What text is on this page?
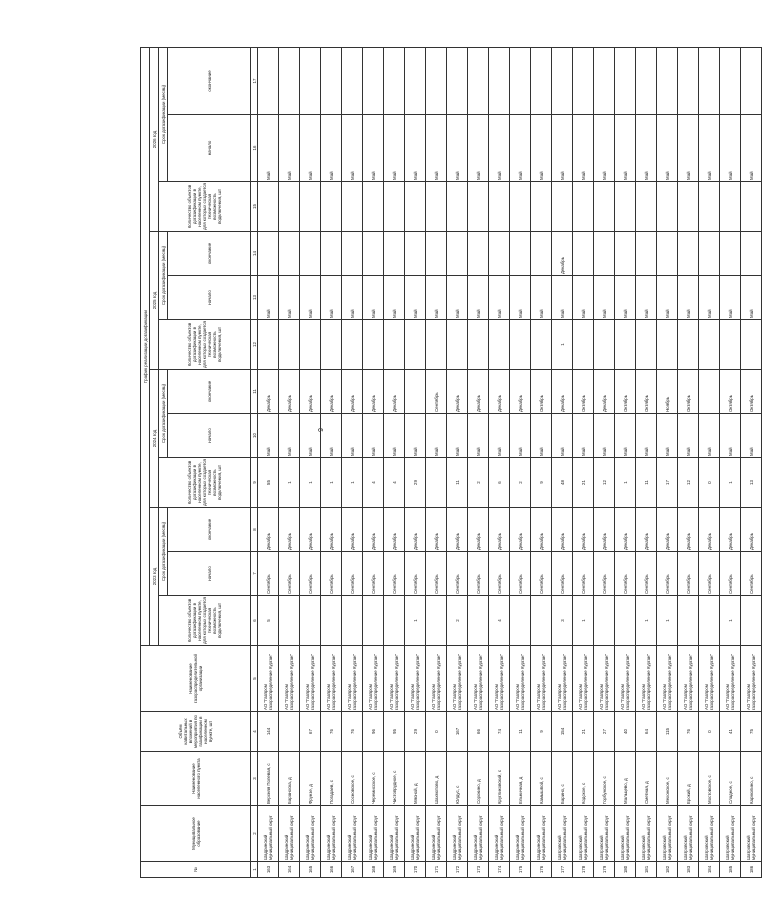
6
№	Муниципальное образование	Наименование населенного пункта	Объём капитальных вложений в мероприятия по газификации в населенном пункте, шт	Наименование газораспределительной организации	График реализации догазификации											
					2023 год			2024 год			2025 год			2026 год		
					Количество объектов догазификации в населенном пункте, для которых создается техническая возможность подключения, шт	Срок догазификации (месяц)		Количество объектов догазификации в населенном пункте, для которых создается техническая возможность подключения, шт	Срок догазификации (месяц)		Количество объектов догазификации в населенном пункте, для которых создается техническая возможность подключения, шт	Срок догазификации (месяц)		Количество объектов догазификации в населенном пункте, для которых создается техническая возможность подключения, шт	Срок догазификации (месяц)	
						начало	окончание		начало	окончание		начало	окончание		начало	окончание
1	2	3	4	5	6	7	8	9	10	11	12	13	14	15	16	17
163	Шадринский муниципальный округ	Верхняя Полевая, с	144	АО "Газпром газораспределение Курган"	5	Сентябрь	Декабрь	55	Май	Декабрь		Май			Май	
164	Шадринский муниципальный округ	Бараноска, д		АО "Газпром газораспределение Курган"		Сентябрь	Декабрь	1	Май	Декабрь		Май			Май	
165	Шадринский муниципальный округ	Фрунзе, д	67	АО "Газпром газораспределение Курган"		Сентябрь	Декабрь	1	Май	Декабрь		Май			Май	
166	Шадринский муниципальный округ	Погадаев, с	76	АО "Газпром газораспределение Курган"		Сентябрь	Декабрь	1	Май	Декабрь		Май			Май	
167	Шадринский муниципальный округ	Сосновское, с	76	АО "Газпром газораспределение Курган"		Сентябрь	Декабрь	1	Май	Декабрь		Май			Май	
168	Шадринский муниципальный округ	Черемисское, с	96	АО "Газпром газораспределение Курган"		Сентябрь	Декабрь	4	Май	Декабрь		Май			Май	
169	Шадринский муниципальный округ	Чистопрудное, с	95	АО "Газпром газораспределение Курган"		Сентябрь	Декабрь	4	Май	Декабрь		Май			Май	
170	Шадринский муниципальный округ	Мясной, д	29	АО "Газпром газораспределение Курган"	1	Сентябрь	Декабрь	29	Май			Май			Май	
171	Шадринский муниципальный округ	Шахмотово, д	0	АО "Газпром газораспределение Курган"		Сентябрь	Декабрь		Май	Сентябрь		Май			Май	
172	Шадринский муниципальный округ	Юлдус, с	167	АО "Газпром газораспределение Курган"	2	Сентябрь	Декабрь	11	Май	Декабрь		Май			Май	
173	Шадринский муниципальный округ	Сорокино, д	66	АО "Газпром газораспределение Курган"		Сентябрь	Декабрь	2	Май	Декабрь		Май			Май	
174	Шадринский муниципальный округ	Кругликовский, с	74	АО "Газпром газораспределение Курган"	4	Сентябрь	Декабрь	6	Май	Декабрь		Май			Май	
175	Шадринский муниципальный округ	Ельничная, д	11	АО "Газпром газораспределение Курган"		Сентябрь	Декабрь	2	Май	Декабрь		Май			Май	
176	Шадринский муниципальный округ	Камыш6ой, с	9	АО "Газпром газораспределение Курган"		Сентябрь	Декабрь	9	Май	Октябрь		Май			Май	
177	Шатровский муниципальный округ	Барино, с	154	АО "Газпром газораспределение Курган"	3	Сентябрь	Декабрь	48	Май	Декабрь	1	Май	Декабрь		Май	
178	Шатровский муниципальный округ	Кодское, с	21	АО "Газпром газораспределение Курган"	1	Сентябрь	Декабрь	21	Май	Октябрь		Май			Май	
179	Шатровский муниципальный округ	Горбунское, с	27	АО "Газпром газораспределение Курган"		Сентябрь	Декабрь	12	Май	Декабрь		Май			Май	
180	Шатровский муниципальный округ	Мальцево, д	40	АО "Газпром газораспределение Курган"		Сентябрь	Декабрь	1	Май	Октябрь		Май			Май	
181	Шатровский муниципальный округ	Сметная, д	64	АО "Газпром газораспределение Курган"	1	Сентябрь	Декабрь	11	Май	Октябрь		Май			Май	
182	Шатровский муниципальный округ	Мехонское, с	115	АО "Газпром газораспределение Курган"	1	Сентябрь	Декабрь	17	Май	Ноябрь		Май			Май	
183	Шатровский муниципальный округ	Ерокий, д	76	АО "Газпром газораспределение Курган"		Сентябрь	Декабрь	12	Май	Октябрь		Май			Май	
184	Шатровский муниципальный округ	Мостовское, с	0	АО "Газпром газораспределение Курган"		Сентябрь	Декабрь	0	Май			Май			Май	
185	Шатровский муниципальный округ	Сладное, с	41	АО "Газпром газораспределение Курган"	1	Сентябрь	Декабрь	1	Май	Октябрь		Май			Май	
186	Шатровский муниципальный округ	Кармолино, с	75	АО "Газпром газораспределение Курган"		Сентябрь	Декабрь	13	Май	Октябрь		Май			Май	
